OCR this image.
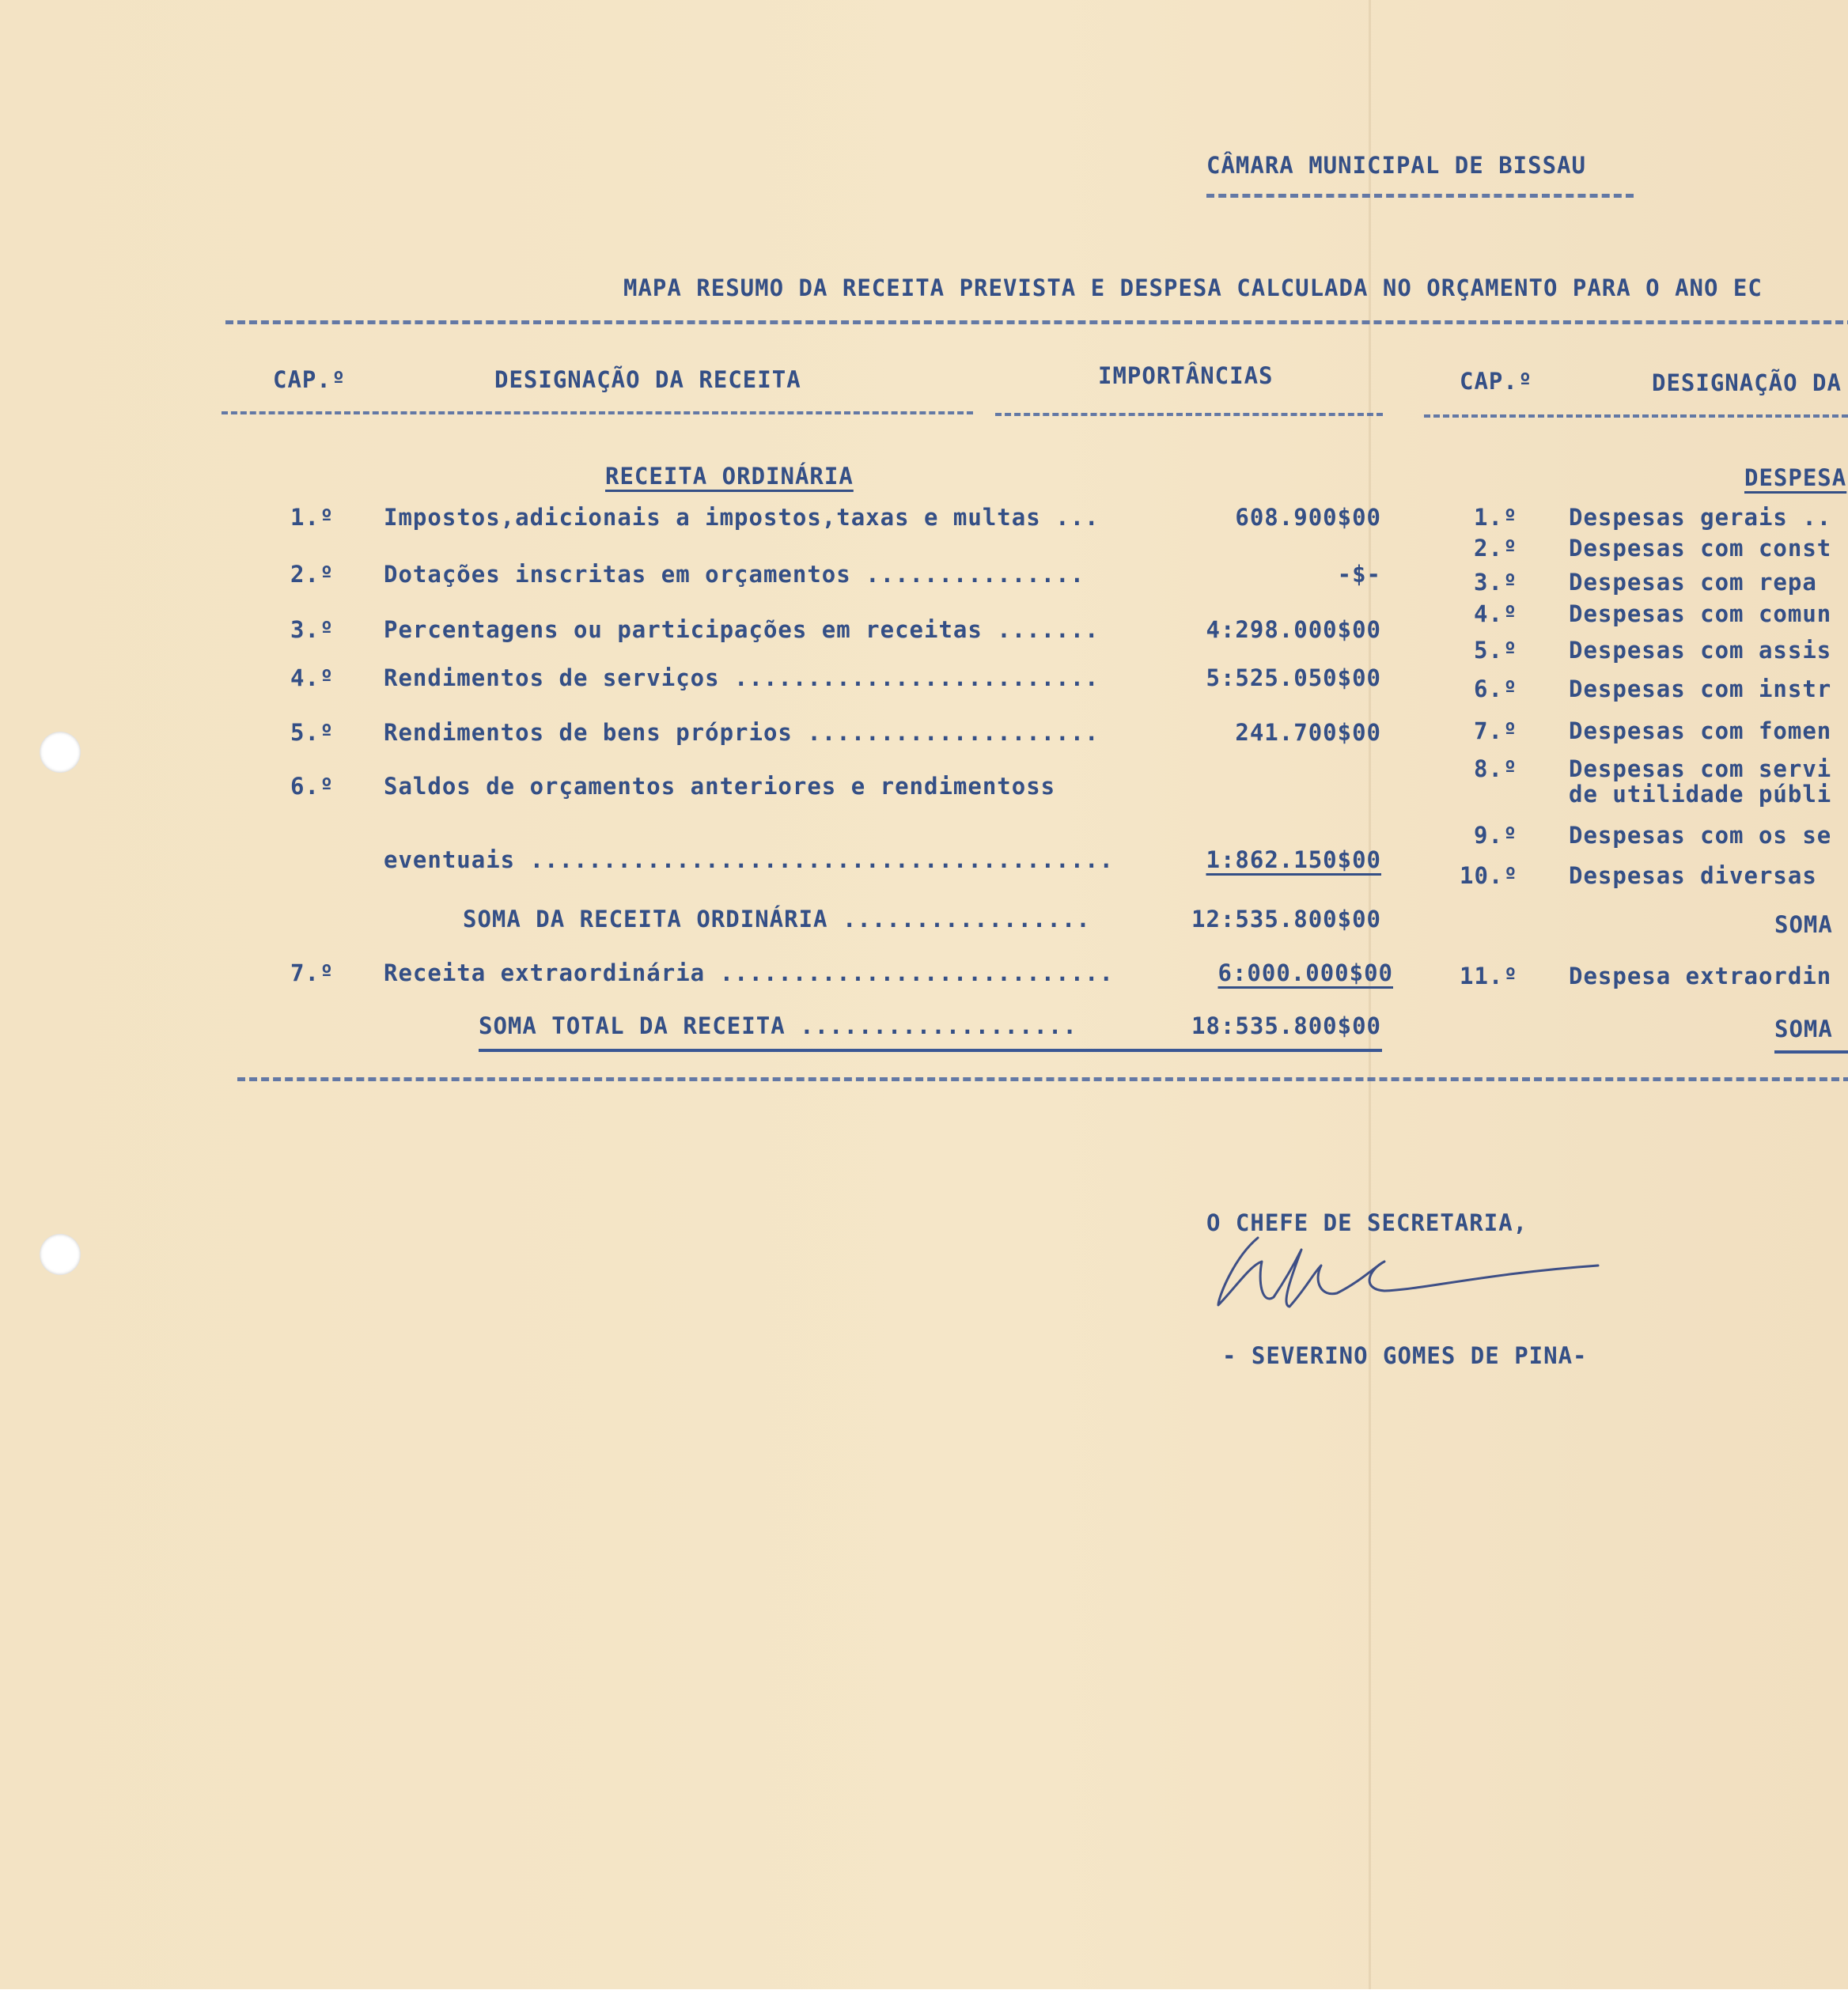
CÂMARA MUNICIPAL DE BISSAU
MAPA RESUMO DA RECEITA PREVISTA E DESPESA CALCULADA NO ORÇAMENTO PARA O ANO EC
CAP.º	DESIGNAÇÃO DA RECEITA	IMPORTÂNCIAS	CAP.º	DESIGNAÇÃO DA
RECEITA ORDINÁRIA
1.º Impostos,adicionais a impostos,taxas e multas ...	608.900$00
2.º Dotações inscritas em orçamentos ...............	-$-
3.º Percentagens ou participações em receitas .......	4:298.000$00
4.º Rendimentos de serviços .........................	5:525.050$00
5.º Rendimentos de bens próprios ....................	241.700$00
6.º Saldos de orçamentos anteriores e rendimentoss
eventuais ........................................	1:862.150$00
SOMA DA RECEITA ORDINÁRIA .................	12:535.800$00
7.º Receita extraordinária ...........................	6:000.000$00
SOMA TOTAL DA RECEITA ...................	18:535.800$00
DESPESA
1.º Despesas gerais ..
2.º Despesas com const
3.º Despesas com repa
4.º Despesas com comun
5.º Despesas com assis
6.º Despesas com instr
7.º Despesas com fomen
8.º Despesas com servi
de utilidade públi
9.º Despesas com os se
10.º Despesas diversas
SOMA
11.º Despesa extraordin
SOMA
O CHEFE DE SECRETARIA,
- SEVERINO GOMES DE PINA-
